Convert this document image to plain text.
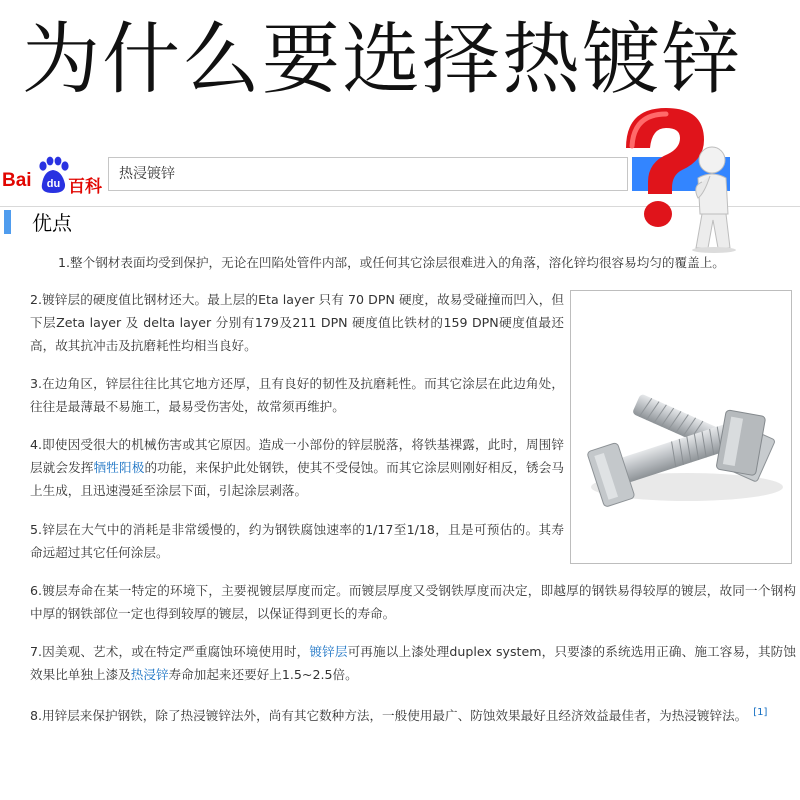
为什么要选择热镀锌
Bai du 百科
热浸镀锌
优点

1.整个钢材表面均受到保护，无论在凹陷处管件内部，或任何其它涂层很难进入的角落，溶化锌均很容易均匀的覆盖上。

2.镀锌层的硬度值比钢材还大。最上层的Eta layer 只有 70 DPN 硬度，故易受碰撞而凹入，但下层Zeta layer 及 delta layer 分别有179及211 DPN 硬度值比铁材的159 DPN硬度值最还高，故其抗冲击及抗磨耗性均相当良好。

3.在边角区，锌层往往比其它地方还厚，且有良好的韧性及抗磨耗性。而其它涂层在此边角处，往往是最薄最不易施工，最易受伤害处，故常须再维护。

4.即使因受很大的机械伤害或其它原因。造成一小部份的锌层脱落，将铁基裸露，此时，周围锌层就会发挥牺牲阳极的功能，来保护此处钢铁，使其不受侵蚀。而其它涂层则刚好相反，锈会马上生成，且迅速漫延至涂层下面，引起涂层剥落。

5.锌层在大气中的消耗是非常缓慢的，约为钢铁腐蚀速率的1/17至1/18，且是可预估的。其寿命远超过其它任何涂层。

6.镀层寿命在某一特定的环境下，主要视镀层厚度而定。而镀层厚度又受钢铁厚度而决定，即越厚的钢铁易得较厚的镀层，故同一个钢构中厚的钢铁部位一定也得到较厚的镀层，以保证得到更长的寿命。

7.因美观、艺术，或在特定严重腐蚀环境使用时，镀锌层可再施以上漆处理duplex system，只要漆的系统选用正确、施工容易，其防蚀效果比单独上漆及热浸锌寿命加起来还要好上1.5~2.5倍。

8.用锌层来保护钢铁，除了热浸镀锌法外，尚有其它数种方法，一般使用最广、防蚀效果最好且经济效益最佳者，为热浸镀锌法。 [1]
